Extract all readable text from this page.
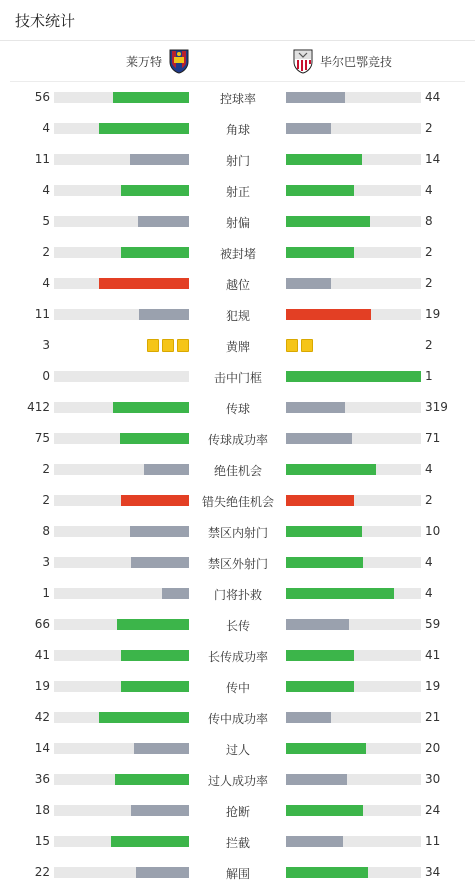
技术统计
莱万特	毕尔巴鄂竞技
56	控球率	44
4	角球	2
11	射门	14
4	射正	4
5	射偏	8
2	被封堵	2
4	越位	2
11	犯规	19
3	黄牌	2
0	击中门框	1
412	传球	319
75	传球成功率	71
2	绝佳机会	4
2	错失绝佳机会	2
8	禁区内射门	10
3	禁区外射门	4
1	门将扑救	4
66	长传	59
41	长传成功率	41
19	传中	19
42	传中成功率	21
14	过人	20
36	过人成功率	30
18	抢断	24
15	拦截	11
22	解围	34
